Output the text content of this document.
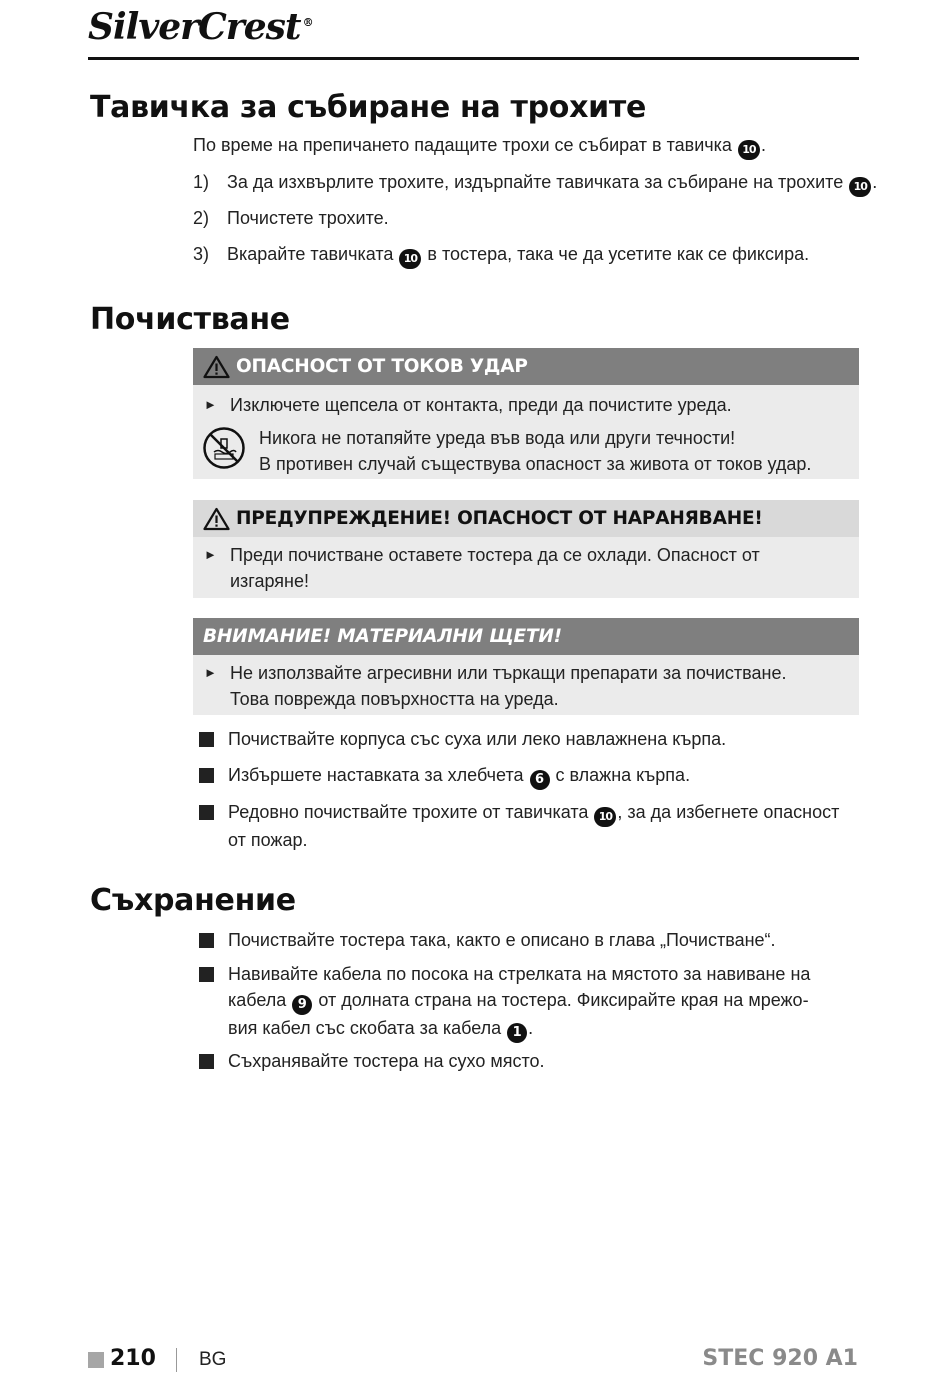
SilverCrest ®
Тавичка за събиране на трохите
По време на препичането падащите трохи се събират в тавичка 10 .
1) За да изхвърлите трохите, издърпайте тавичката за събиране на трохите 10 .
2) Почистете трохите.
3) Вкарайте тавичката 10 в тостера, така че да усетите как се фиксира.
Почистване
ОПАСНОСТ ОТ ТОКОВ УДАР
► Изключете щепсела от контакта, преди да почистите уреда.
Никога не потапяйте уреда във вода или други течности!
В противен случай съществува опасност за живота от токов удар.
ПРЕДУПРЕЖДЕНИЕ! ОПАСНОСТ ОТ НАРАНЯВАНЕ!
► Преди почистване оставете тостера да се охлади. Опасност от
изгаряне!
ВНИМАНИЕ! МАТЕРИАЛНИ ЩЕТИ!
► Не използвайте агресивни или търкащи препарати за почистване.
Това поврежда повърхността на уреда.
Почиствайте корпуса със суха или леко навлажнена кърпа.
Избършете наставката за хлебчета 6 с влажна кърпа.
Редовно почиствайте трохите от тавичката 10 , за да избегнете опасност
от пожар.
Съхранение
Почиствайте тостера така, както е описано в глава „Почистване“.
Навивайте кабела по посока на стрелката на мястото за навиване на
кабела 9 от долната страна на тостера. Фиксирайте края на мрежо-
вия кабел със скобата за кабела 1 .
Съхранявайте тостера на сухо място.
210 BG	STEC 920 A1
